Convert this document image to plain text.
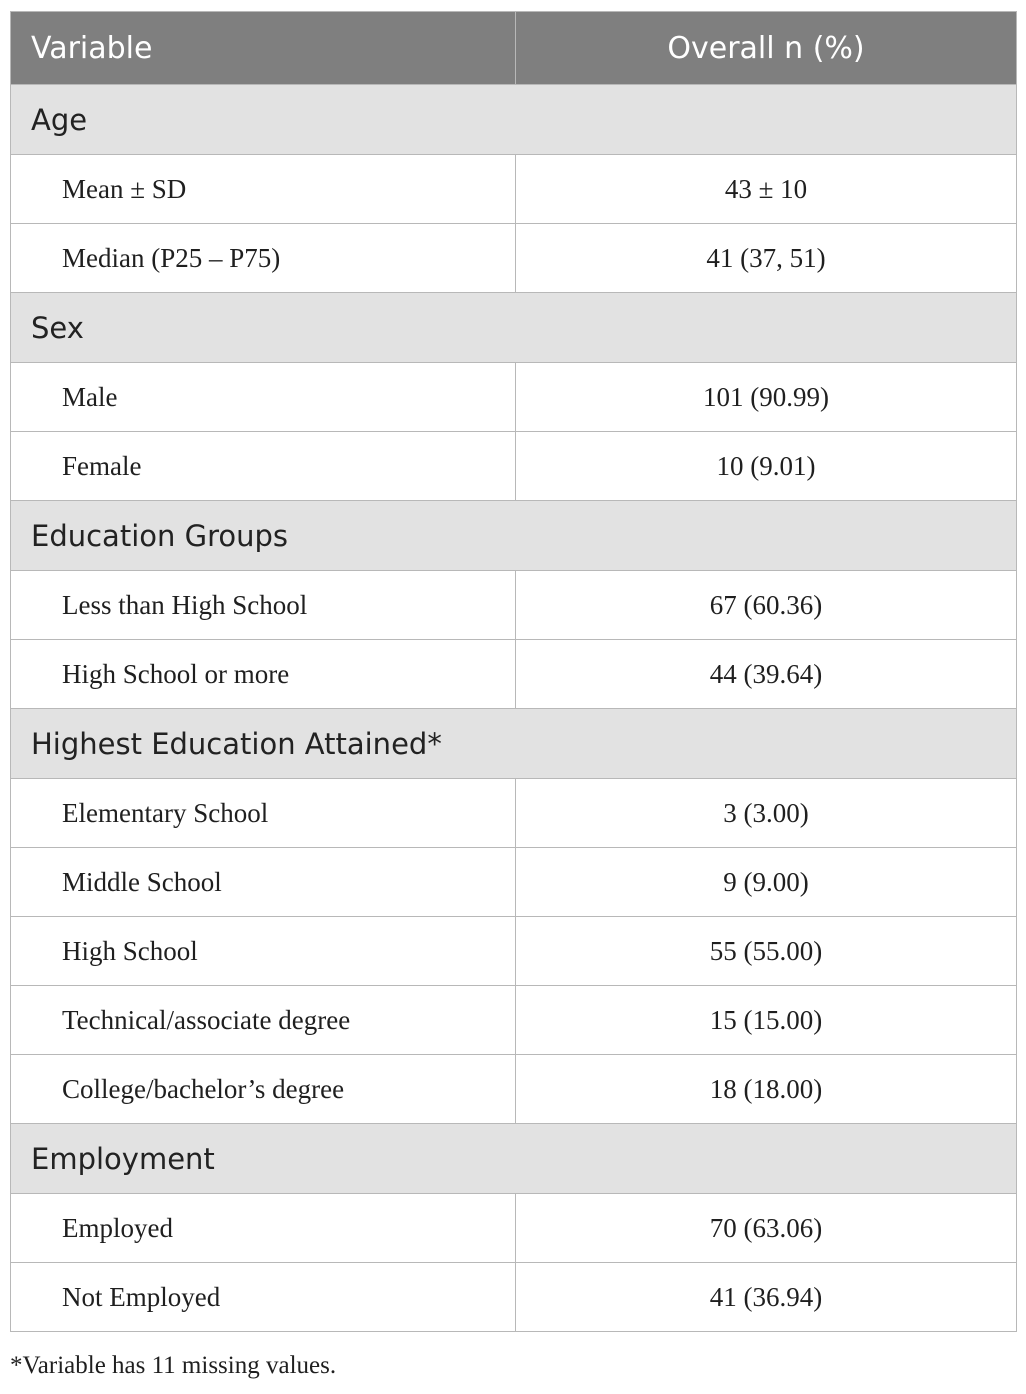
Variable	Overall n (%)
Age	
Mean ± SD	43 ± 10
Median (P25 – P75)	41 (37, 51)
Sex	
Male	101 (90.99)
Female	10 (9.01)
Education Groups	
Less than High School	67 (60.36)
High School or more	44 (39.64)
Highest Education Attained*	
Elementary School	3 (3.00)
Middle School	9 (9.00)
High School	55 (55.00)
Technical/associate degree	15 (15.00)
College/bachelor’s degree	18 (18.00)
Employment	
Employed	70 (63.06)
Not Employed	41 (36.94)
*Variable has 11 missing values.
